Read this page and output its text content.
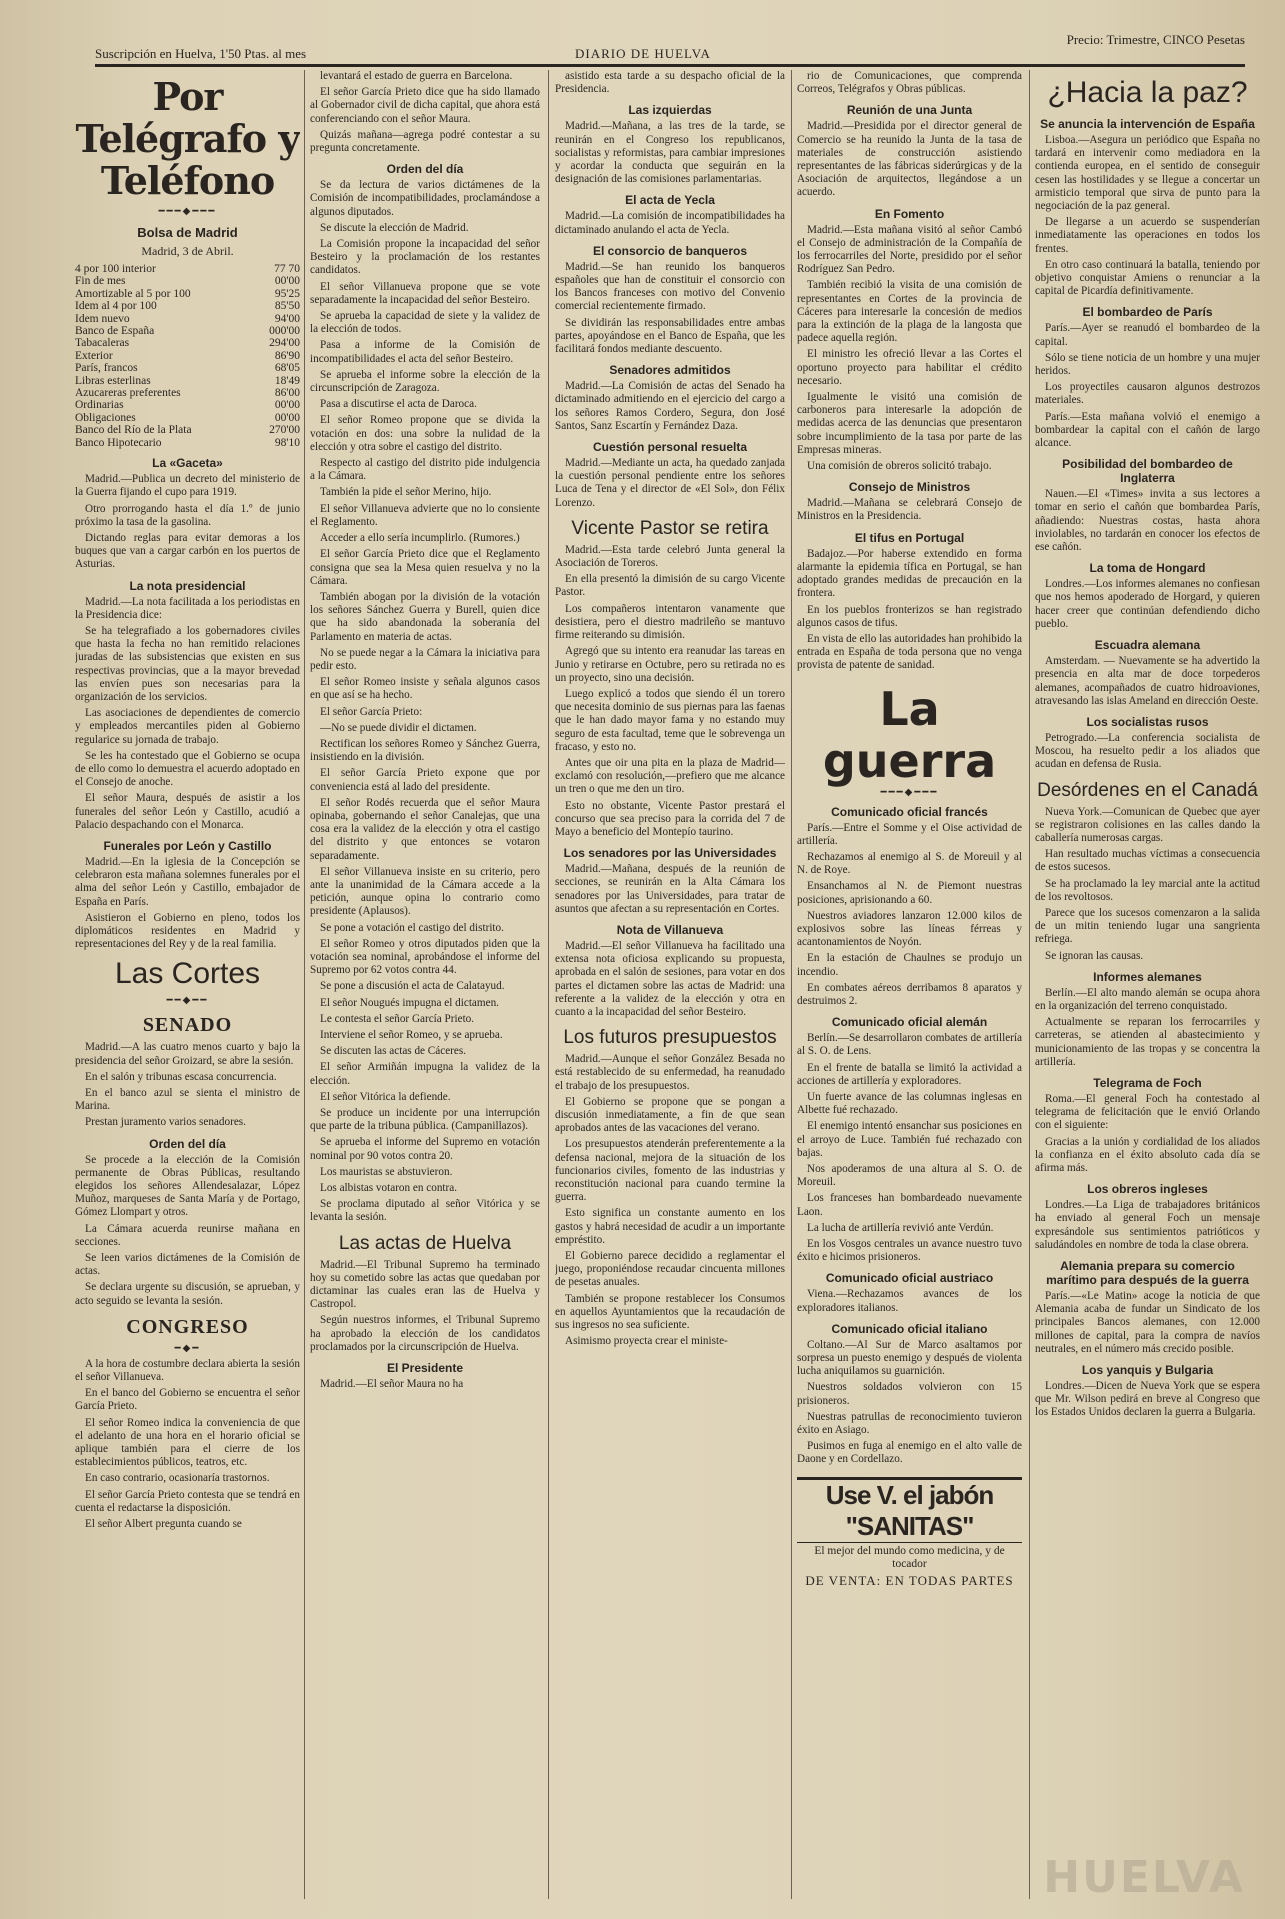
Suscripción en Huelva, 1'50 Ptas. al mes	DIARIO DE HUELVA
Precio: Trimestre, CINCO Pesetas
Por Telégrafo y Teléfono
━━━◆━━━
Bolsa de Madrid
Madrid, 3 de Abril.
4 por 100 interior	77 70
Fin de mes	00'00
Amortizable al 5 por 100	95'25
Idem al 4 por 100	85'50
Idem nuevo	94'00
Banco de España	000'00
Tabacaleras	294'00
Exterior	86'90
París, francos	68'05
Libras esterlinas	18'49
Azucareras preferentes	86'00
Ordinarias	00'00
Obligaciones	00'00
Banco del Río de la Plata	270'00
Banco Hipotecario	98'10
La «Gaceta»

Madrid.—Publica un decreto del ministerio de la Guerra fijando el cupo para 1919.

Otro prorrogando hasta el día 1.º de junio próximo la tasa de la gasolina.

Dictando reglas para evitar demoras a los buques que van a cargar carbón en los puertos de Asturias.

La nota presidencial

Madrid.—La nota facilitada a los periodistas en la Presidencia dice:

Se ha telegrafiado a los gobernadores civiles que hasta la fecha no han remitido relaciones juradas de las subsistencias que existen en sus respectivas provincias, que a la mayor brevedad las envíen pues son necesarias para la organización de los servicios.

Las asociaciones de dependientes de comercio y empleados mercantiles piden al Gobierno regularice su jornada de trabajo.

Se les ha contestado que el Gobierno se ocupa de ello como lo demuestra el acuerdo adoptado en el Consejo de anoche.

El señor Maura, después de asistir a los funerales del señor León y Castillo, acudió a Palacio despachando con el Monarca.

Funerales por León y Castillo

Madrid.—En la iglesia de la Concepción se celebraron esta mañana solemnes funerales por el alma del señor León y Castillo, embajador de España en París.

Asistieron el Gobierno en pleno, todos los diplomáticos residentes en Madrid y representaciones del Rey y de la real familia.

Las Cortes
━━◆━━
SENADO

Madrid.—A las cuatro menos cuarto y bajo la presidencia del señor Groizard, se abre la sesión.

En el salón y tribunas escasa concurrencia.

En el banco azul se sienta el ministro de Marina.

Prestan juramento varios senadores.

Orden del día

Se procede a la elección de la Comisión permanente de Obras Públicas, resultando elegidos los señores Allendesalazar, López Muñoz, marqueses de Santa María y de Portago, Gómez Llompart y otros.

La Cámara acuerda reunirse mañana en secciones.

Se leen varios dictámenes de la Comisión de actas.

Se declara urgente su discusión, se aprueban, y acto seguido se levanta la sesión.

CONGRESO
━◆━

A la hora de costumbre declara abierta la sesión el señor Villanueva.

En el banco del Gobierno se encuentra el señor García Prieto.

El señor Romeo indica la conveniencia de que el adelanto de una hora en el horario oficial se aplique también para el cierre de los establecimientos públicos, teatros, etc.

En caso contrario, ocasionaría trastornos.

El señor García Prieto contesta que se tendrá en cuenta el redactarse la disposición.

El señor Albert pregunta cuando se

levantará el estado de guerra en Barcelona.

El señor García Prieto dice que ha sido llamado al Gobernador civil de dicha capital, que ahora está conferenciando con el señor Maura.

Quizás mañana—agrega podré contestar a su pregunta concretamente.

Orden del día

Se da lectura de varios dictámenes de la Comisión de incompatibilidades, proclamándose a algunos diputados.

Se discute la elección de Madrid.

La Comisión propone la incapacidad del señor Besteiro y la proclamación de los restantes candidatos.

El señor Villanueva propone que se vote separadamente la incapacidad del señor Besteiro.

Se aprueba la capacidad de siete y la validez de la elección de todos.

Pasa a informe de la Comisión de incompatibilidades el acta del señor Besteiro.

Se aprueba el informe sobre la elección de la circunscripción de Zaragoza.

Pasa a discutirse el acta de Daroca.

El señor Romeo propone que se divida la votación en dos: una sobre la nulidad de la elección y otra sobre el castigo del distrito.

Respecto al castigo del distrito pide indulgencia a la Cámara.

También la pide el señor Merino, hijo.

El señor Villanueva advierte que no lo consiente el Reglamento.

Acceder a ello sería incumplirlo. (Rumores.)

El señor García Prieto dice que el Reglamento consigna que sea la Mesa quien resuelva y no la Cámara.

También abogan por la división de la votación los señores Sánchez Guerra y Burell, quien dice que ha sido abandonada la soberanía del Parlamento en materia de actas.

No se puede negar a la Cámara la iniciativa para pedir esto.

El señor Romeo insiste y señala algunos casos en que así se ha hecho.

El señor García Prieto:

—No se puede dividir el dictamen.

Rectifican los señores Romeo y Sánchez Guerra, insistiendo en la división.

El señor García Prieto expone que por conveniencia está al lado del presidente.

El señor Rodés recuerda que el señor Maura opinaba, gobernando el señor Canalejas, que una cosa era la validez de la elección y otra el castigo del distrito y que entonces se votaron separadamente.

El señor Villanueva insiste en su criterio, pero ante la unanimidad de la Cámara accede a la petición, aunque opina lo contrario como presidente (Aplausos).

Se pone a votación el castigo del distrito.

El señor Romeo y otros diputados piden que la votación sea nominal, aprobándose el informe del Supremo por 62 votos contra 44.

Se pone a discusión el acta de Calatayud.

El señor Nougués impugna el dictamen.

Le contesta el señor García Prieto.

Interviene el señor Romeo, y se aprueba.

Se discuten las actas de Cáceres.

El señor Armiñán impugna la validez de la elección.

El señor Vitórica la defiende.

Se produce un incidente por una interrupción que parte de la tribuna pública. (Campanillazos).

Se aprueba el informe del Supremo en votación nominal por 90 votos contra 20.

Los mauristas se abstuvieron.

Los albistas votaron en contra.

Se proclama diputado al señor Vitórica y se levanta la sesión.

Las actas de Huelva

Madrid.—El Tribunal Supremo ha terminado hoy su cometido sobre las actas que quedaban por dictaminar las cuales eran las de Huelva y Castropol.

Según nuestros informes, el Tribunal Supremo ha aprobado la elección de los candidatos proclamados por la circunscripción de Huelva.

El Presidente

Madrid.—El señor Maura no ha

asistido esta tarde a su despacho oficial de la Presidencia.

Las izquierdas

Madrid.—Mañana, a las tres de la tarde, se reunirán en el Congreso los republicanos, socialistas y reformistas, para cambiar impresiones y acordar la conducta que seguirán en la designación de las comisiones parlamentarias.

El acta de Yecla

Madrid.—La comisión de incompatibilidades ha dictaminado anulando el acta de Yecla.

El consorcio de banqueros

Madrid.—Se han reunido los banqueros españoles que han de constituir el consorcio con los Bancos franceses con motivo del Convenio comercial recientemente firmado.

Se dividirán las responsabilidades entre ambas partes, apoyándose en el Banco de España, que les facilitará fondos mediante descuento.

Senadores admitidos

Madrid.—La Comisión de actas del Senado ha dictaminado admitiendo en el ejercicio del cargo a los señores Ramos Cordero, Segura, don José Santos, Sanz Escartín y Fernández Daza.

Cuestión personal resuelta

Madrid.—Mediante un acta, ha quedado zanjada la cuestión personal pendiente entre los señores Luca de Tena y el director de «El Sol», don Félix Lorenzo.

Vicente Pastor se retira

Madrid.—Esta tarde celebró Junta general la Asociación de Toreros.

En ella presentó la dimisión de su cargo Vicente Pastor.

Los compañeros intentaron vanamente que desistiera, pero el diestro madrileño se mantuvo firme reiterando su dimisión.

Agregó que su intento era reanudar las tareas en Junio y retirarse en Octubre, pero su retirada no es un proyecto, sino una decisión.

Luego explicó a todos que siendo él un torero que necesita dominio de sus piernas para las faenas que le han dado mayor fama y no estando muy seguro de esta facultad, teme que le sobrevenga un fracaso, y esto no.

Antes que oir una pita en la plaza de Madrid—exclamó con resolución,—prefiero que me alcance un tren o que me den un tiro.

Esto no obstante, Vicente Pastor prestará el concurso que sea preciso para la corrida del 7 de Mayo a beneficio del Montepío taurino.

Los senadores por las Universidades

Madrid.—Mañana, después de la reunión de secciones, se reunirán en la Alta Cámara los senadores por las Universidades, para tratar de asuntos que afectan a su representación en Cortes.

Nota de Villanueva

Madrid.—El señor Villanueva ha facilitado una extensa nota oficiosa explicando su propuesta, aprobada en el salón de sesiones, para votar en dos partes el dictamen sobre las actas de Madrid: una referente a la validez de la elección y otra en cuanto a la incapacidad del señor Besteiro.

Los futuros presupuestos

Madrid.—Aunque el señor González Besada no está restablecido de su enfermedad, ha reanudado el trabajo de los presupuestos.

El Gobierno se propone que se pongan a discusión inmediatamente, a fin de que sean aprobados antes de las vacaciones del verano.

Los presupuestos atenderán preferentemente a la defensa nacional, mejora de la situación de los funcionarios civiles, fomento de las industrias y reconstitución nacional para cuando termine la guerra.

Esto significa un constante aumento en los gastos y habrá necesidad de acudir a un importante empréstito.

El Gobierno parece decidido a reglamentar el juego, proponiéndose recaudar cincuenta millones de pesetas anuales.

También se propone restablecer los Consumos en aquellos Ayuntamientos que la recaudación de sus ingresos no sea suficiente.

Asimismo proyecta crear el ministe-

rio de Comunicaciones, que comprenda Correos, Telégrafos y Obras públicas.

Reunión de una Junta

Madrid.—Presidida por el director general de Comercio se ha reunido la Junta de la tasa de materiales de construcción asistiendo representantes de las fábricas siderúrgicas y de la Asociación de arquitectos, llegándose a un acuerdo.

En Fomento

Madrid.—Esta mañana visitó al señor Cambó el Consejo de administración de la Compañía de los ferrocarriles del Norte, presidido por el señor Rodríguez San Pedro.

También recibió la visita de una comisión de representantes en Cortes de la provincia de Cáceres para interesarle la concesión de medios para la extinción de la plaga de la langosta que padece aquella región.

El ministro les ofreció llevar a las Cortes el oportuno proyecto para habilitar el crédito necesario.

Igualmente le visitó una comisión de carboneros para interesarle la adopción de medidas acerca de las denuncias que presentaron sobre incumplimiento de la tasa por parte de las Empresas mineras.

Una comisión de obreros solicitó trabajo.

Consejo de Ministros

Madrid.—Mañana se celebrará Consejo de Ministros en la Presidencia.

El tifus en Portugal

Badajoz.—Por haberse extendido en forma alarmante la epidemia tífica en Portugal, se han adoptado grandes medidas de precaución en la frontera.

En los pueblos fronterizos se han registrado algunos casos de tifus.

En vista de ello las autoridades han prohibido la entrada en España de toda persona que no venga provista de patente de sanidad.

La guerra
━━━◆━━━
Comunicado oficial francés

París.—Entre el Somme y el Oise actividad de artillería.

Rechazamos al enemigo al S. de Moreuil y al N. de Roye.

Ensanchamos al N. de Piemont nuestras posiciones, aprisionando a 60.

Nuestros aviadores lanzaron 12.000 kilos de explosivos sobre las líneas férreas y acantonamientos de Noyón.

En la estación de Chaulnes se produjo un incendio.

En combates aéreos derribamos 8 aparatos y destruimos 2.

Comunicado oficial alemán

Berlín.—Se desarrollaron combates de artillería al S. O. de Lens.

En el frente de batalla se limitó la actividad a acciones de artillería y exploradores.

Un fuerte avance de las columnas inglesas en Albette fué rechazado.

El enemigo intentó ensanchar sus posiciones en el arroyo de Luce. También fué rechazado con bajas.

Nos apoderamos de una altura al S. O. de Moreuil.

Los franceses han bombardeado nuevamente Laon.

La lucha de artillería revivió ante Verdún.

En los Vosgos centrales un avance nuestro tuvo éxito e hicimos prisioneros.

Comunicado oficial austriaco

Viena.—Rechazamos avances de los exploradores italianos.

Comunicado oficial italiano

Coltano.—Al Sur de Marco asaltamos por sorpresa un puesto enemigo y después de violenta lucha aniquilamos su guarnición.

Nuestros soldados volvieron con 15 prisioneros.

Nuestras patrullas de reconocimiento tuvieron éxito en Asiago.

Pusimos en fuga al enemigo en el alto valle de Daone y en Cordellazo.

Use V. el jabón "SANITAS"

El mejor del mundo como medicina, y de tocador

DE VENTA: EN TODAS PARTES
¿Hacia la paz?
Se anuncia la intervención de España

Lisboa.—Asegura un periódico que España no tardará en intervenir como mediadora en la contienda europea, en el sentido de conseguir cesen las hostilidades y se llegue a concertar un armisticio temporal que sirva de punto para la negociación de la paz general.

De llegarse a un acuerdo se suspenderían inmediatamente las operaciones en todos los frentes.

En otro caso continuará la batalla, teniendo por objetivo conquistar Amiens o renunciar a la capital de Picardía definitivamente.

El bombardeo de París

París.—Ayer se reanudó el bombardeo de la capital.

Sólo se tiene noticia de un hombre y una mujer heridos.

Los proyectiles causaron algunos destrozos materiales.

París.—Esta mañana volvió el enemigo a bombardear la capital con el cañón de largo alcance.

Posibilidad del bombardeo de Inglaterra

Nauen.—El «Times» invita a sus lectores a tomar en serio el cañón que bombardea París, añadiendo: Nuestras costas, hasta ahora inviolables, no tardarán en conocer los efectos de ese cañón.

La toma de Hongard

Londres.—Los informes alemanes no confiesan que nos hemos apoderado de Horgard, y quieren hacer creer que continúan defendiendo dicho pueblo.

Escuadra alemana

Amsterdam. — Nuevamente se ha advertido la presencia en alta mar de doce torpederos alemanes, acompañados de cuatro hidroaviones, atravesando las islas Ameland en dirección Oeste.

Los socialistas rusos

Petrogrado.—La conferencia socialista de Moscou, ha resuelto pedir a los aliados que acudan en defensa de Rusia.

Desórdenes en el Canadá

Nueva York.—Comunican de Quebec que ayer se registraron colisiones en las calles dando la caballería numerosas cargas.

Han resultado muchas víctimas a consecuencia de estos sucesos.

Se ha proclamado la ley marcial ante la actitud de los revoltosos.

Parece que los sucesos comenzaron a la salida de un mitin teniendo lugar una sangrienta refriega.

Se ignoran las causas.

Informes alemanes

Berlín.—El alto mando alemán se ocupa ahora en la organización del terreno conquistado.

Actualmente se reparan los ferrocarriles y carreteras, se atienden al abastecimiento y municionamiento de las tropas y se concentra la artillería.

Telegrama de Foch

Roma.—El general Foch ha contestado al telegrama de felicitación que le envió Orlando con el siguiente:

Gracias a la unión y cordialidad de los aliados la confianza en el éxito absoluto cada día se afirma más.

Los obreros ingleses

Londres.—La Liga de trabajadores británicos ha enviado al general Foch un mensaje expresándole sus sentimientos patrióticos y saludándoles en nombre de toda la clase obrera.

Alemania prepara su comercio marítimo para después de la guerra

París.—«Le Matin» acoge la noticia de que Alemania acaba de fundar un Sindicato de los principales Bancos alemanes, con 12.000 millones de capital, para la compra de navíos neutrales, en el número más crecido posible.

Los yanquis y Bulgaria

Londres.—Dicen de Nueva York que se espera que Mr. Wilson pedirá en breve al Congreso que los Estados Unidos declaren la guerra a Bulgaria.

HUELVA
